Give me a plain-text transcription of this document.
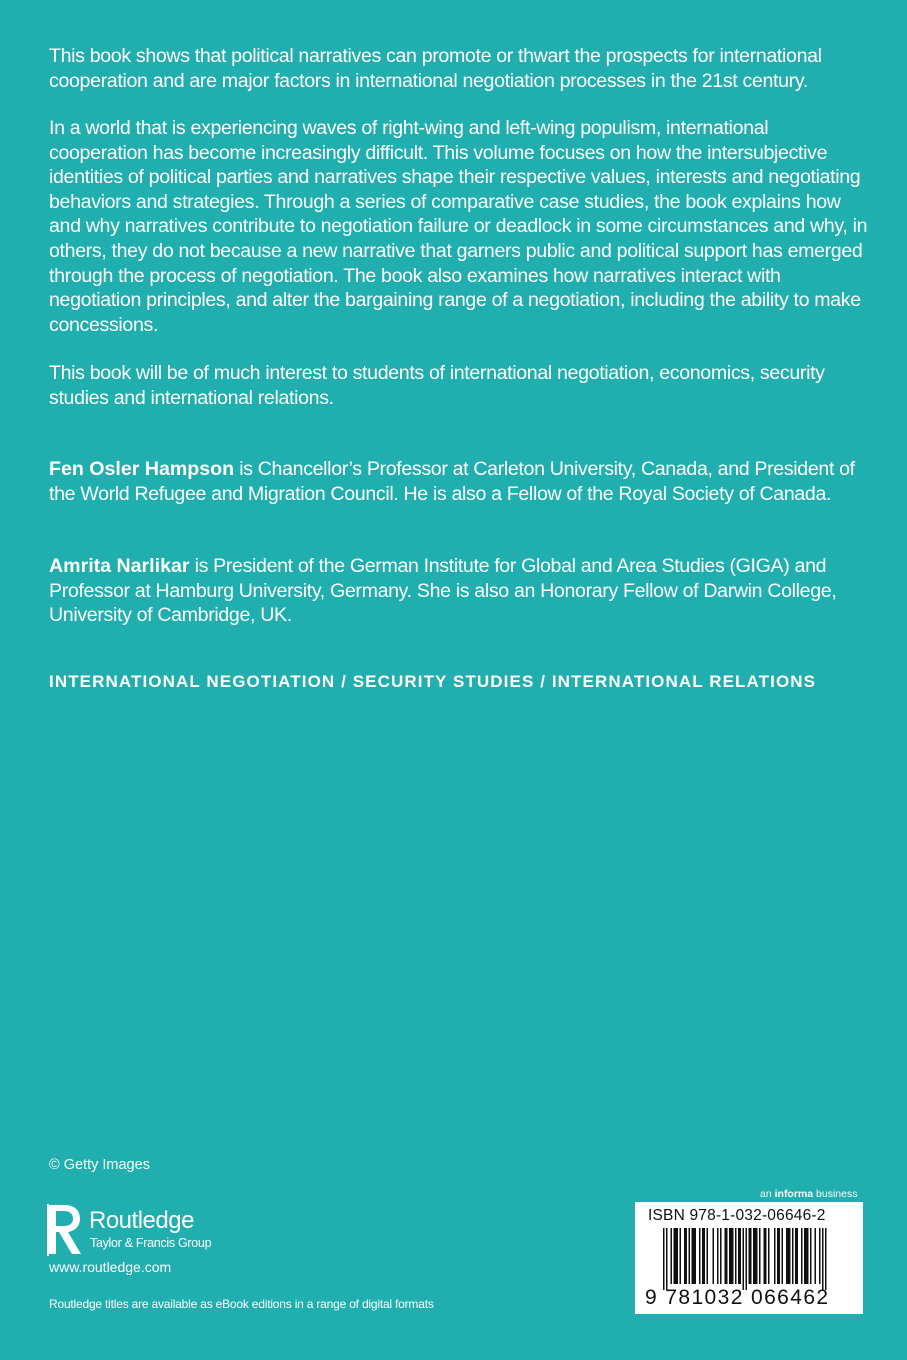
This book shows that political narratives can promote or thwart the prospects for international cooperation and are major factors in international negotiation processes in the 21st century.

In a world that is experiencing waves of right-wing and left-wing populism, international cooperation has become increasingly difficult. This volume focuses on how the intersubjective identities of political parties and narratives shape their respective values, interests and negotiating behaviors and strategies. Through a series of comparative case studies, the book explains how and why narratives contribute to negotiation failure or deadlock in some circumstances and why, in others, they do not because a new narrative that garners public and political support has emerged through the process of negotiation. The book also examines how narratives interact with negotiation principles, and alter the bargaining range of a negotiation, including the ability to make concessions.

This book will be of much interest to students of international negotiation, economics, security studies and international relations.

Fen Osler Hampson is Chancellor’s Professor at Carleton University, Canada, and President of the World Refugee and Migration Council. He is also a Fellow of the Royal Society of Canada.

Amrita Narlikar is President of the German Institute for Global and Area Studies (GIGA) and Professor at Hamburg University, Germany. She is also an Honorary Fellow of Darwin College, University of Cambridge, UK.

INTERNATIONAL NEGOTIATION / SECURITY STUDIES / INTERNATIONAL RELATIONS
© Getty Images
Routledge
Taylor & Francis Group
www.routledge.com
Routledge titles are available as eBook editions in a range of digital formats
an informa business
ISBN 978-1-032-06646-2
9 781032 066462
